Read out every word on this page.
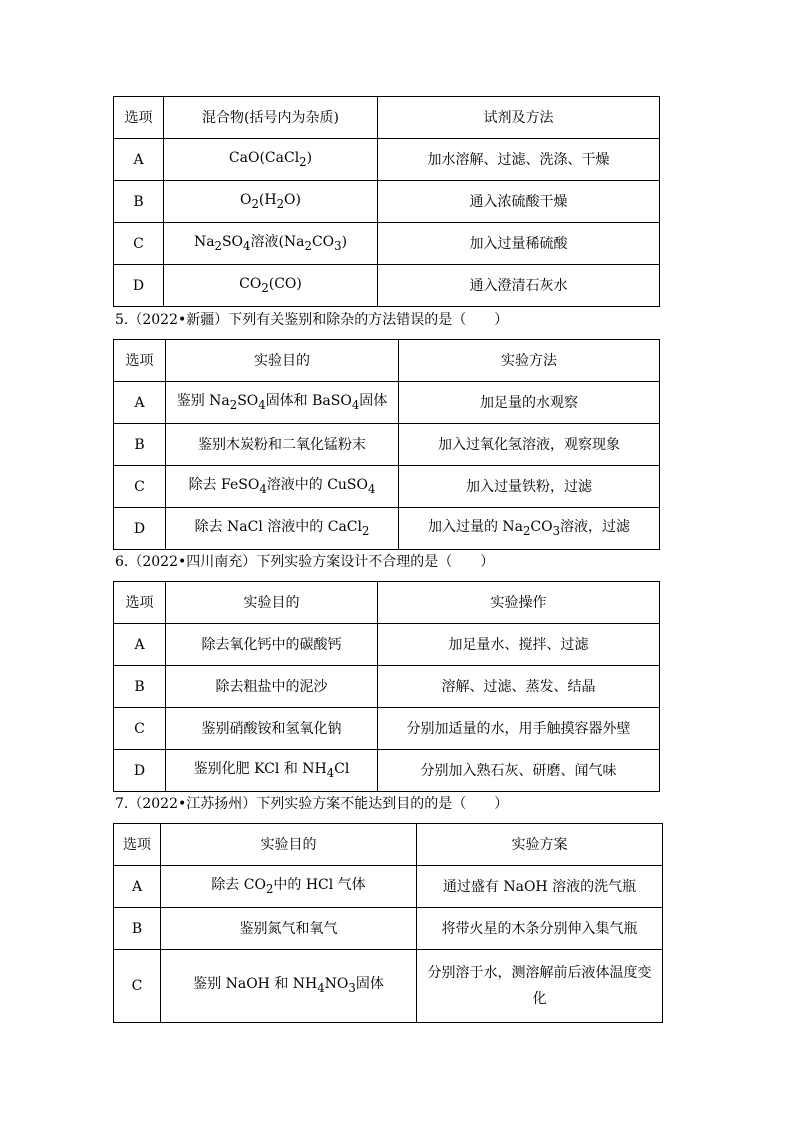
选项	混合物(括号内为杂质)	试剂及方法
A	CaO(CaCl$_2$)	加水溶解、过滤、洗涤、干燥
B	$O_2(H_2O)$	通入浓硫酸干燥
C	$Na_2SO_4$溶液$(Na_2CO_3)$	加入过量稀硫酸
D	$CO_2(CO)$	通入澄清石灰水
5.（2022•新疆）下列有关鉴别和除杂的方法错误的是（　　）
选项	实验目的	实验方法
A	鉴别 $Na_2SO_4$固体和 BaSO$_4$固体	加足量的水观察
B	鉴别木炭粉和二氧化锰粉末	加入过氧化氢溶液，观察现象
C	除去 FeSO$_4$溶液中的 CuSO$_4$	加入过量铁粉，过滤
D	除去 NaCl 溶液中的 CaCl$_2$	加入过量的 $Na_2CO_3$溶液，过滤
6.（2022•四川南充）下列实验方案设计不合理的是（　　）
选项	实验目的	实验操作
A	除去氧化钙中的碳酸钙	加足量水、搅拌、过滤
B	除去粗盐中的泥沙	溶解、过滤、蒸发、结晶
C	鉴别硝酸铵和氢氧化钠	分别加适量的水，用手触摸容器外壁
D	鉴别化肥 KCl 和 $NH_4Cl$	分别加入熟石灰、研磨、闻气味
7.（2022•江苏扬州）下列实验方案不能达到目的的是（　　）
选项	实验目的	实验方案
A	除去 $CO_2$中的 HCl 气体	通过盛有 NaOH 溶液的洗气瓶
B	鉴别氮气和氧气	将带火星的木条分别伸入集气瓶
C	鉴别 NaOH 和 $NH_4NO_3$固体	分别溶于水，测溶解前后液体温度变化
